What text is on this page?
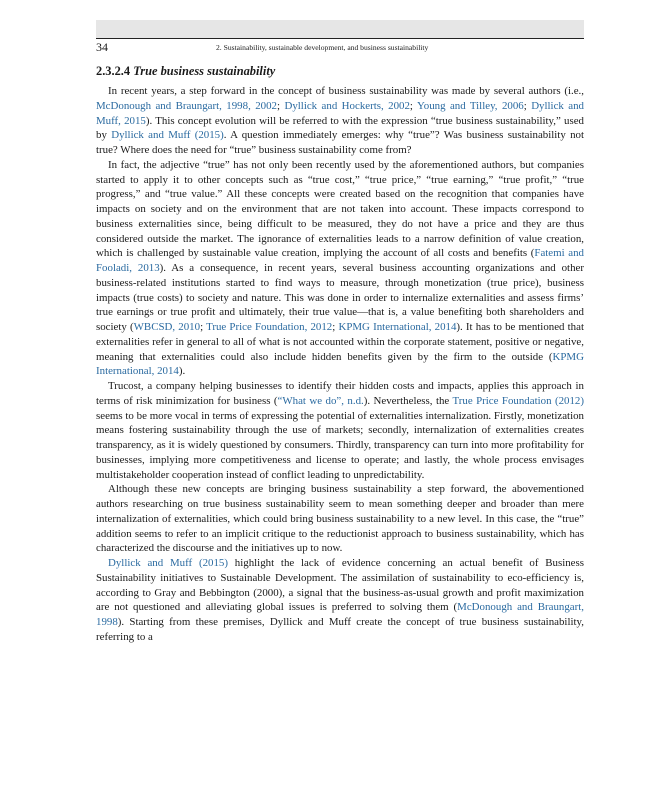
34	2. Sustainability, sustainable development, and business sustainability
2.3.2.4 True business sustainability

In recent years, a step forward in the concept of business sustainability was made by several authors (i.e., McDonough and Braungart, 1998, 2002; Dyllick and Hockerts, 2002; Young and Tilley, 2006; Dyllick and Muff, 2015). This concept evolution will be referred to with the expression “true business sustainability,” used by Dyllick and Muff (2015). A question immediately emerges: why “true”? Was business sustainability not true? Where does the need for “true” business sustainability come from?

In fact, the adjective “true” has not only been recently used by the aforementioned authors, but companies started to apply it to other concepts such as “true cost,” “true price,” “true earning,” “true profit,” “true progress,” and “true value.” All these concepts were created based on the recognition that companies have impacts on society and on the environment that are not taken into account. These impacts correspond to business externalities since, being difficult to be measured, they do not have a price and they are thus considered outside the market. The ignorance of externalities leads to a narrow definition of value creation, which is challenged by sustainable value creation, implying the account of all costs and benefits (Fatemi and Fooladi, 2013). As a consequence, in recent years, several business accounting organizations and other business-related institutions started to find ways to measure, through monetization (true price), business impacts (true costs) to society and nature. This was done in order to internalize externalities and assess firms’ true earnings or true profit and ultimately, their true value—that is, a value benefiting both shareholders and society (WBCSD, 2010; True Price Foundation, 2012; KPMG International, 2014). It has to be mentioned that externalities refer in general to all of what is not accounted within the corporate statement, positive or negative, meaning that externalities could also include hidden benefits given by the firm to the outside (KPMG International, 2014).

Trucost, a company helping businesses to identify their hidden costs and impacts, applies this approach in terms of risk minimization for business (“What we do”, n.d.). Nevertheless, the True Price Foundation (2012) seems to be more vocal in terms of expressing the potential of externalities internalization. Firstly, monetization means fostering sustainability through the use of markets; secondly, internalization of externalities creates transparency, as it is widely questioned by consumers. Thirdly, transparency can turn into more profitability for businesses, implying more competitiveness and license to operate; and lastly, the whole process envisages multistakeholder cooperation instead of conflict leading to unpredictability.

Although these new concepts are bringing business sustainability a step forward, the abovementioned authors researching on true business sustainability seem to mean something deeper and broader than mere internalization of externalities, which could bring business sustainability to a new level. In this case, the “true” addition seems to refer to an implicit critique to the reductionist approach to business sustainability, which has characterized the discourse and the initiatives up to now.

Dyllick and Muff (2015) highlight the lack of evidence concerning an actual benefit of Business Sustainability initiatives to Sustainable Development. The assimilation of sustainability to eco-efficiency is, according to Gray and Bebbington (2000), a signal that the business-as-usual growth and profit maximization are not questioned and alleviating global issues is preferred to solving them (McDonough and Braungart, 1998). Starting from these premises, Dyllick and Muff create the concept of true business sustainability, referring to a
